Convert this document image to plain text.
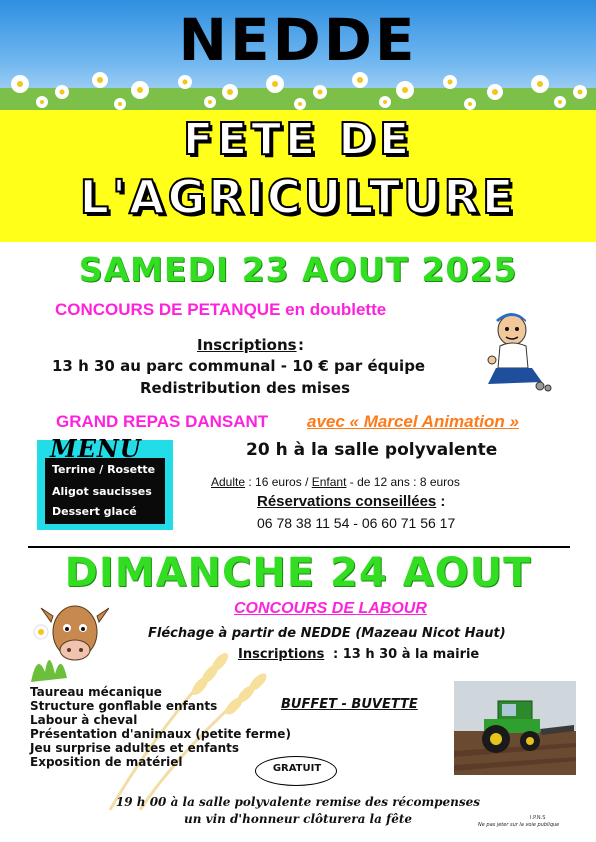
NEDDE
FETE DE
L'AGRICULTURE
SAMEDI 23 AOUT 2025
CONCOURS DE PETANQUE en doublette
Inscriptions :
13 h 30 au parc communal - 10 € par équipe
Redistribution des mises
GRAND REPAS DANSANT avec « Marcel Animation »
20 h à la salle polyvalente
MENU
Terrine / Rosette
Aligot saucisses
Dessert glacé
Adulte : 16 euros / Enfant - de 12 ans : 8 euros
Réservations conseillées :
06 78 38 11 54 - 06 60 71 56 17
DIMANCHE 24 AOUT
CONCOURS DE LABOUR
Fléchage à partir de NEDDE (Mazeau Nicot Haut)
Inscriptions : 13 h 30 à la mairie
Taureau mécanique
Structure gonflable enfants
Labour à cheval
Présentation d'animaux (petite ferme)
Jeu surprise adultes et enfants
Exposition de matériel
BUFFET - BUVETTE
GRATUIT
19 h 00 à la salle polyvalente remise des récompenses
un vin d'honneur clôturera la fête	I.P.N.S
Ne pas jeter sur la voie publique
